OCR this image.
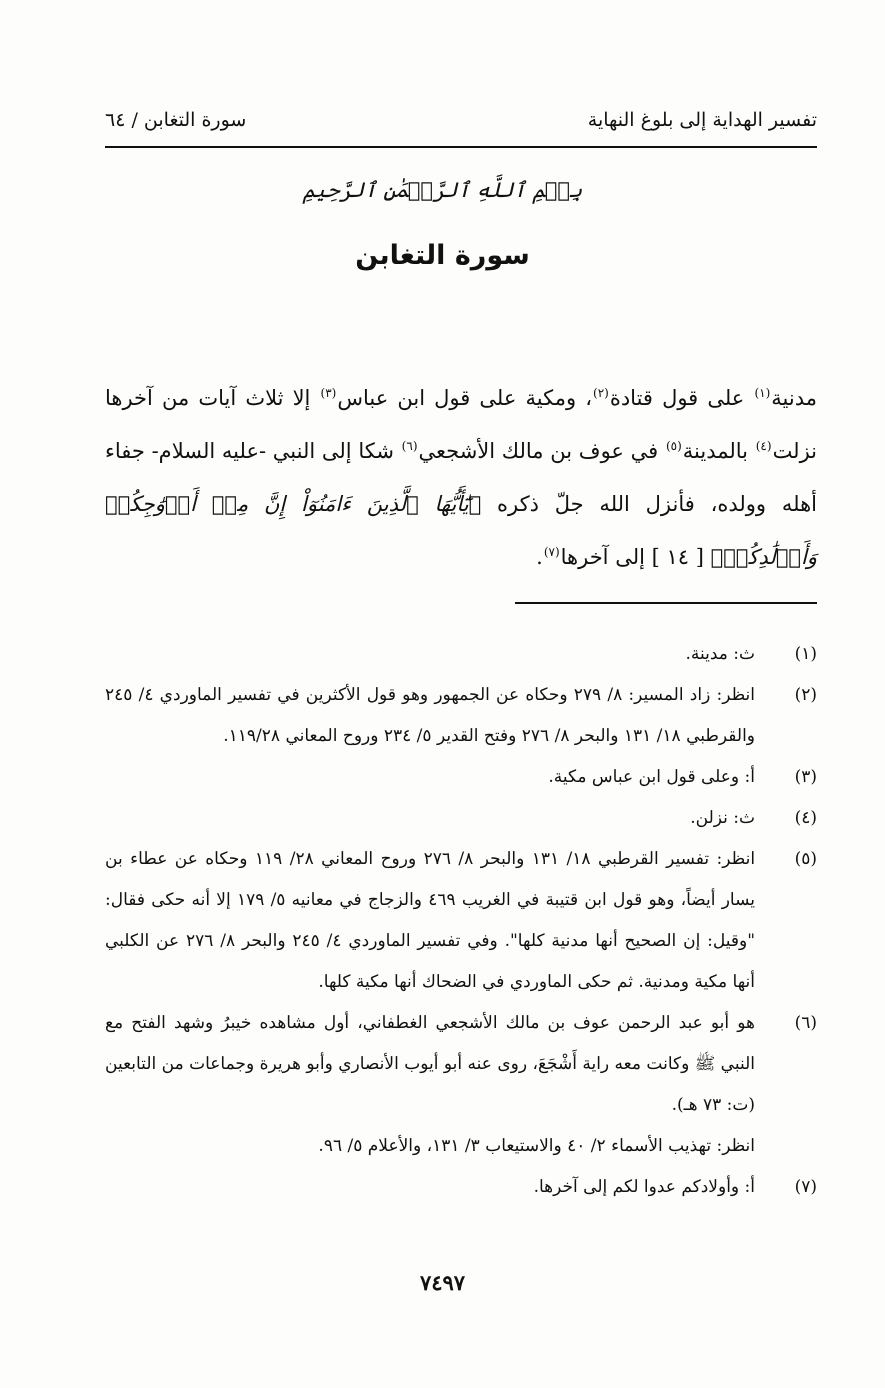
تفسير الهداية إلى بلوغ النهاية
سورة التغابن / ٦٤
بِسۡمِ ٱللَّهِ ٱلرَّحۡمَٰنِ ٱلرَّحِيمِ
سورة التغابن
مدنية$^{(١)}$ على قول قتادة$^{(٢)}$، ومكية على قول ابن عباس$^{(٣)}$ إلا ثلاث آيات من آخرها نزلت$^{(٤)}$ بالمدينة$^{(٥)}$ في عوف بن مالك الأشجعي$^{(٦)}$ شكا إلى النبي -عليه السلام- جفاء أهله وولده، فأنزل الله جلّ ذكره ﴿يَٰٓأَيُّهَا ٱلَّذِينَ ءَامَنُوٓاْ إِنَّ مِنۡ أَزۡوَٰجِكُمۡ وَأَوۡلَٰدِكُمۡ﴾ [ ١٤ ] إلى آخرها$^{(٧)}$.
(١)
ث: مدينة.
(٢)
انظر: زاد المسير: ٨/ ٢٧٩ وحكاه عن الجمهور وهو قول الأكثرين في تفسير الماوردي ٤/ ٢٤٥ والقرطبي ١٨/ ١٣١ والبحر ٨/ ٢٧٦ وفتح القدير ٥/ ٢٣٤ وروح المعاني ١١٩/٢٨.
(٣)
أ: وعلى قول ابن عباس مكية.
(٤)
ث: نزلن.
(٥)
انظر: تفسير القرطبي ١٨/ ١٣١ والبحر ٨/ ٢٧٦ وروح المعاني ٢٨/ ١١٩ وحكاه عن عطاء بن يسار أيضاً، وهو قول ابن قتيبة في الغريب ٤٦٩ والزجاج في معانيه ٥/ ١٧٩ إلا أنه حكى فقال: "وقيل: إن الصحيح أنها مدنية كلها". وفي تفسير الماوردي ٤/ ٢٤٥ والبحر ٨/ ٢٧٦ عن الكلبي أنها مكية ومدنية. ثم حكى الماوردي في الضحاك أنها مكية كلها.
(٦)
هو أبو عبد الرحمن عوف بن مالك الأشجعي الغطفاني، أول مشاهده خيبرُ وشهد الفتح مع النبي ﷺ وكانت معه راية أَشْجَعَ، روى عنه أبو أيوب الأنصاري وأبو هريرة وجماعات من التابعين (ت: ٧٣ هـ).
انظر: تهذيب الأسماء ٢/ ٤٠ والاستيعاب ٣/ ١٣١، والأعلام ٥/ ٩٦.
(٧)
أ: وأولادكم عدوا لكم إلى آخرها.
٧٤٩٧
